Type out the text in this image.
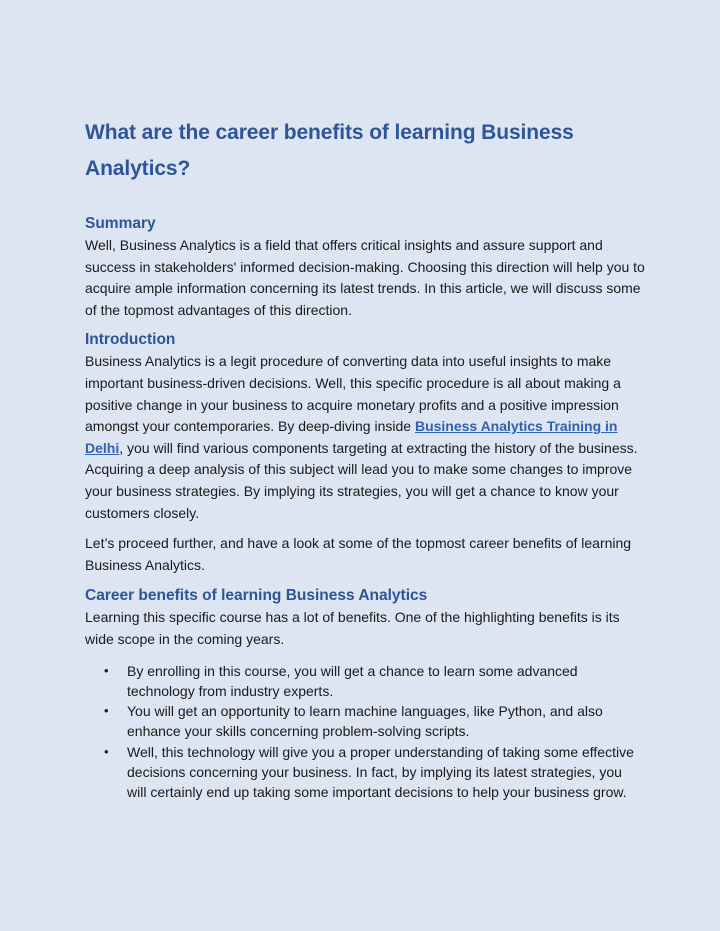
What are the career benefits of learning Business Analytics?
Summary

Well, Business Analytics is a field that offers critical insights and assure support and success in stakeholders' informed decision-making. Choosing this direction will help you to acquire ample information concerning its latest trends. In this article, we will discuss some of the topmost advantages of this direction.

Introduction

Business Analytics is a legit procedure of converting data into useful insights to make important business-driven decisions. Well, this specific procedure is all about making a positive change in your business to acquire monetary profits and a positive impression amongst your contemporaries. By deep-diving inside Business Analytics Training in Delhi, you will find various components targeting at extracting the history of the business. Acquiring a deep analysis of this subject will lead you to make some changes to improve your business strategies. By implying its strategies, you will get a chance to know your customers closely.

Let’s proceed further, and have a look at some of the topmost career benefits of learning Business Analytics.

Career benefits of learning Business Analytics

Learning this specific course has a lot of benefits. One of the highlighting benefits is its wide scope in the coming years.

• By enrolling in this course, you will get a chance to learn some advanced technology from industry experts.
• You will get an opportunity to learn machine languages, like Python, and also enhance your skills concerning problem-solving scripts.
• Well, this technology will give you a proper understanding of taking some effective decisions concerning your business. In fact, by implying its latest strategies, you will certainly end up taking some important decisions to help your business grow.
